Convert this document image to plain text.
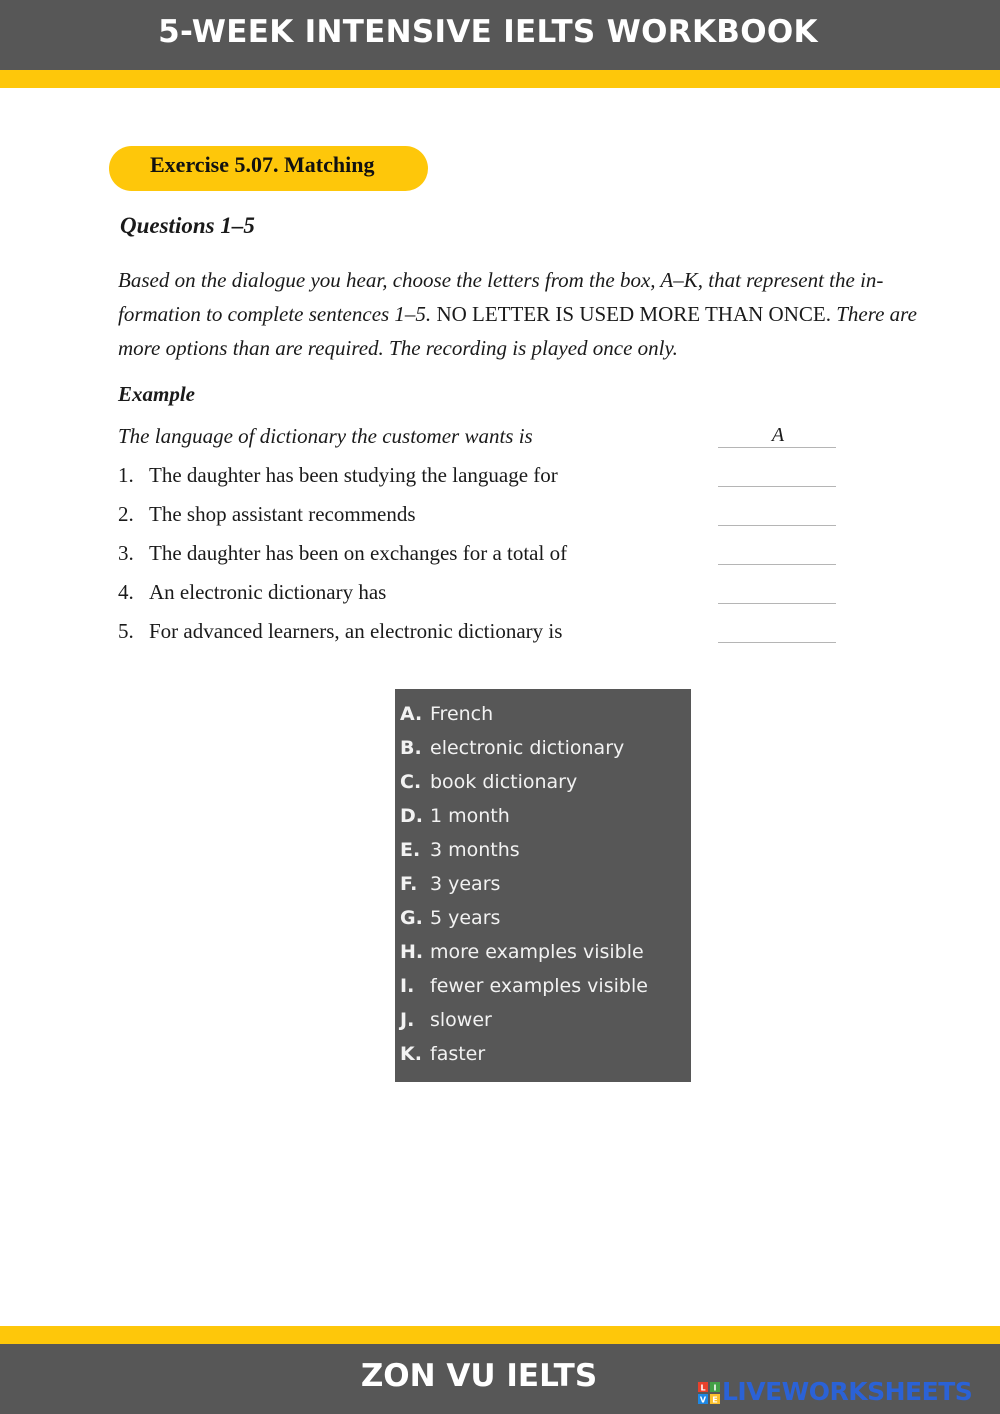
5-WEEK INTENSIVE IELTS WORKBOOK
Exercise 5.07. Matching
Questions 1–5
Based on the dialogue you hear, choose the letters from the box, A–K, that represent the in-
formation to complete sentences 1–5. NO LETTER IS USED MORE THAN ONCE. There are
more options than are required. The recording is played once only.
Example
The language of dictionary the customer wants is	A
1. The daughter has been studying the language for
2. The shop assistant recommends
3. The daughter has been on exchanges for a total of
4. An electronic dictionary has
5. For advanced learners, an electronic dictionary is
A. French
B. electronic dictionary
C. book dictionary
D. 1 month
E. 3 months
F. 3 years
G. 5 years
H. more examples visible
I. fewer examples visible
J. slower
K. faster
ZON VU IELTS	L I
V E LIVEWORKSHEETS
